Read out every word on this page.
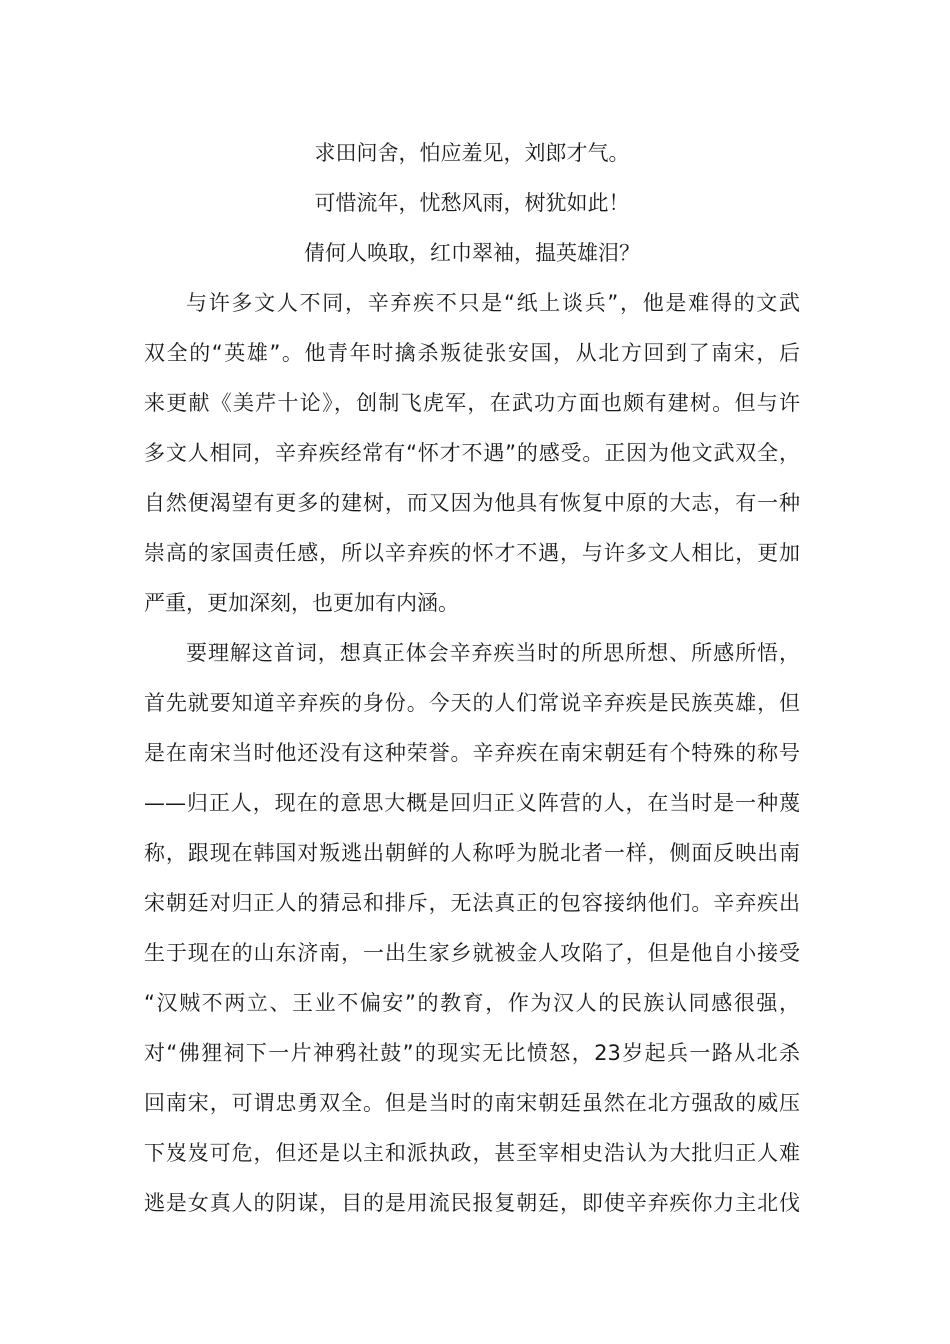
求田问舍，怕应羞见，刘郎才气。
可惜流年，忧愁风雨，树犹如此！
倩何人唤取，红巾翠袖，揾英雄泪？
与许多文人不同，辛弃疾不只是“纸上谈兵”，他是难得的文武
双全的“英雄”。他青年时擒杀叛徒张安国，从北方回到了南宋，后
来更献《美芹十论》，创制飞虎军，在武功方面也颇有建树。但与许
多文人相同，辛弃疾经常有“怀才不遇”的感受。正因为他文武双全，
自然便渴望有更多的建树，而又因为他具有恢复中原的大志，有一种
崇高的家国责任感，所以辛弃疾的怀才不遇，与许多文人相比，更加
严重，更加深刻，也更加有内涵。
要理解这首词，想真正体会辛弃疾当时的所思所想、所感所悟，
首先就要知道辛弃疾的身份。今天的人们常说辛弃疾是民族英雄，但
是在南宋当时他还没有这种荣誉。辛弃疾在南宋朝廷有个特殊的称号
——归正人，现在的意思大概是回归正义阵营的人，在当时是一种蔑
称，跟现在韩国对叛逃出朝鲜的人称呼为脱北者一样，侧面反映出南
宋朝廷对归正人的猜忌和排斥，无法真正的包容接纳他们。辛弃疾出
生于现在的山东济南，一出生家乡就被金人攻陷了，但是他自小接受
“汉贼不两立、王业不偏安”的教育，作为汉人的民族认同感很强，
对“佛狸祠下一片神鸦社鼓”的现实无比愤怒，23岁起兵一路从北杀
回南宋，可谓忠勇双全。但是当时的南宋朝廷虽然在北方强敌的威压
下岌岌可危，但还是以主和派执政，甚至宰相史浩认为大批归正人难
逃是女真人的阴谋，目的是用流民报复朝廷，即使辛弃疾你力主北伐
